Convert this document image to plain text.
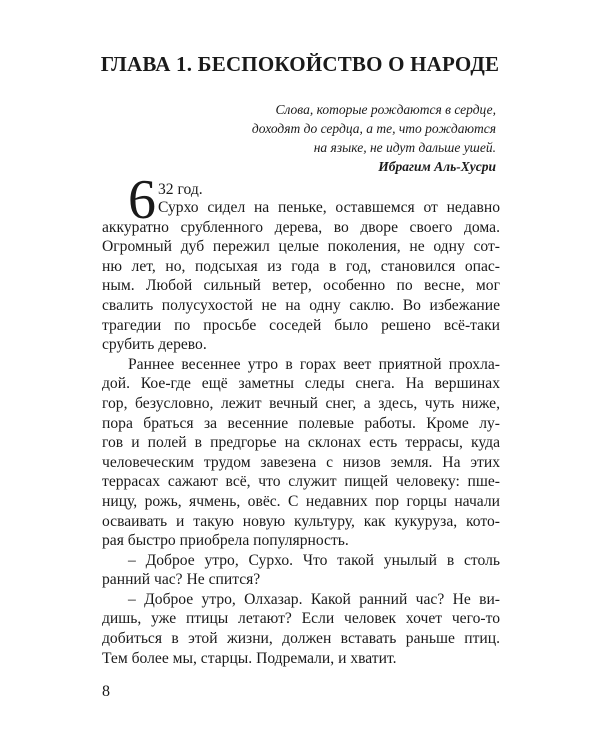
ГЛАВА 1. БЕСПОКОЙСТВО О НАРОДЕ
Слова, которые рождаются в сердце,
доходят до сердца, а те, что рождаются
на языке, не идут дальше ушей.
Ибрагим Аль-Хусри
6 32 год.
Сурхо сидел на пеньке, оставшемся от недавно
аккуратно срубленного дерева, во дворе своего дома.
Огромный дуб пережил целые поколения, не одну сот-
ню лет, но, подсыхая из года в год, становился опас-
ным. Любой сильный ветер, особенно по весне, мог
свалить полусухостой не на одну саклю. Во избежание
трагедии по просьбе соседей было решено всё-таки
срубить дерево.
Раннее весеннее утро в горах веет приятной прохла-
дой. Кое-где ещё заметны следы снега. На вершинах
гор, безусловно, лежит вечный снег, а здесь, чуть ниже,
пора браться за весенние полевые работы. Кроме лу-
гов и полей в предгорье на склонах есть террасы, куда
человеческим трудом завезена с низов земля. На этих
террасах сажают всё, что служит пищей человеку: пше-
ницу, рожь, ячмень, овёс. С недавних пор горцы начали
осваивать и такую новую культуру, как кукуруза, кото-
рая быстро приобрела популярность.
– Доброе утро, Сурхо. Что такой унылый в столь
ранний час? Не спится?
– Доброе утро, Олхазар. Какой ранний час? Не ви-
дишь, уже птицы летают? Если человек хочет чего-то
добиться в этой жизни, должен вставать раньше птиц.
Тем более мы, старцы. Подремали, и хватит.
8
